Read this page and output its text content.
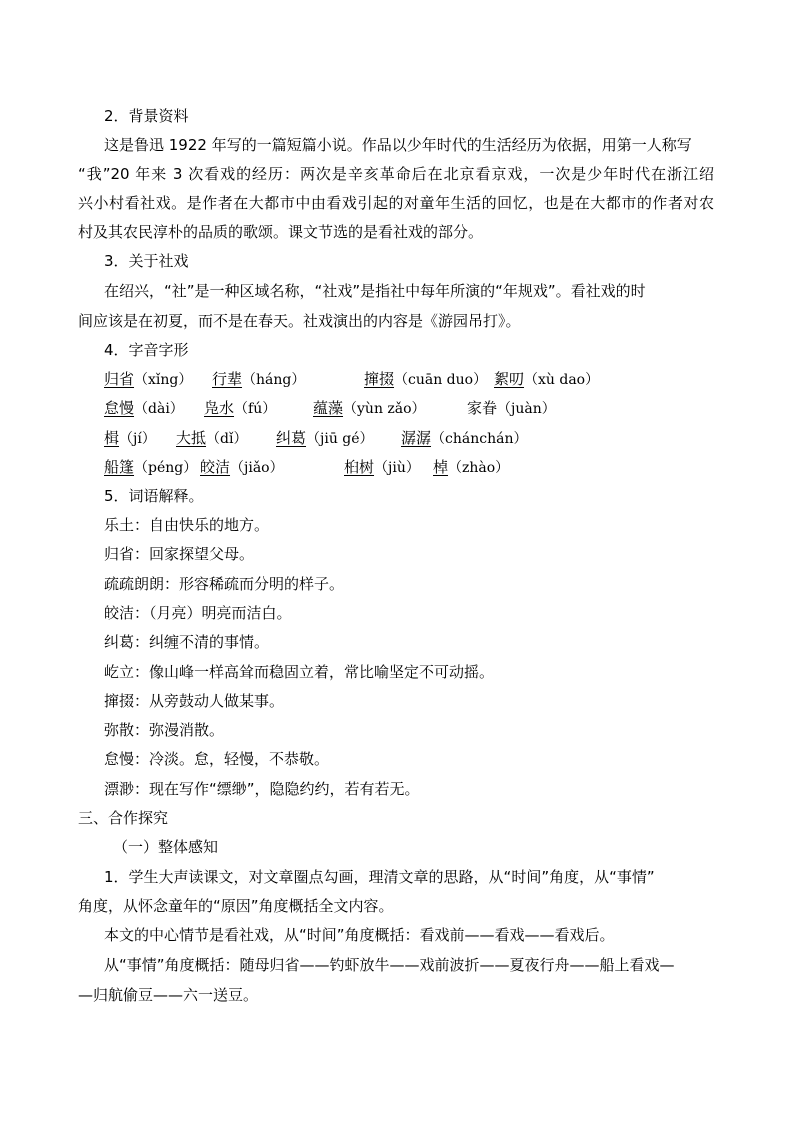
2．背景资料
这是鲁迅 1922 年写的一篇短篇小说。作品以少年时代的生活经历为依据，用第一人称写
“我”20 年来 3 次看戏的经历：两次是辛亥革命后在北京看京戏，一次是少年时代在浙江绍
兴小村看社戏。是作者在大都市中由看戏引起的对童年生活的回忆，也是在大都市的作者对农
村及其农民淳朴的品质的歌颂。课文节选的是看社戏的部分。
3．关于社戏
在绍兴，“社”是一种区域名称，“社戏”是指社中每年所演的“年规戏”。看社戏的时
间应该是在初夏，而不是在春天。社戏演出的内容是《游园吊打》。
4．字音字形
归省（xǐng） 行辈（háng）	撺掇（cuān duo） 絮叨（xù dao）
怠慢（dài） 凫水（fú） 蕴藻（yùn zǎo）	家眷（juàn）
楫（jí） 大抵（dǐ） 纠葛（jiū gé） 潺潺（chánchán）
船篷（péng） 皎洁（jiǎo）	桕树（jiù） 棹（zhào）
5．词语解释。
乐土：自由快乐的地方。
归省：回家探望父母。
疏疏朗朗：形容稀疏而分明的样子。
皎洁：（月亮）明亮而洁白。
纠葛：纠缠不清的事情。
屹立：像山峰一样高耸而稳固立着，常比喻坚定不可动摇。
撺掇：从旁鼓动人做某事。
弥散：弥漫消散。
怠慢：冷淡。怠，轻慢，不恭敬。
漂渺：现在写作“缥缈”，隐隐约约，若有若无。
三、合作探究
（一）整体感知
1．学生大声读课文，对文章圈点勾画，理清文章的思路，从“时间”角度，从“事情”
角度，从怀念童年的“原因”角度概括全文内容。
本文的中心情节是看社戏，从“时间”角度概括：看戏前——看戏——看戏后。
从“事情”角度概括：随母归省——钓虾放牛——戏前波折——夏夜行舟——船上看戏—
—归航偷豆——六一送豆。
